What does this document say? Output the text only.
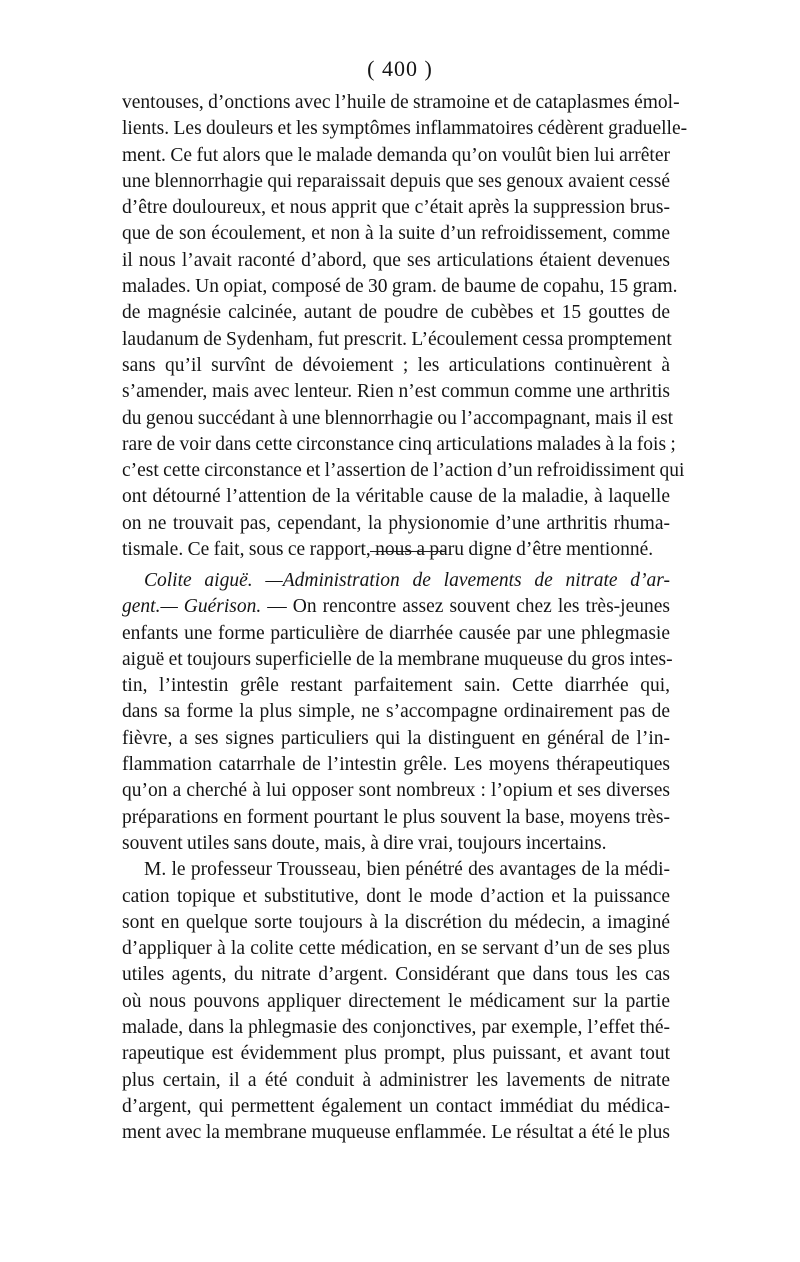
( 400 )
ventouses, d’onctions avec l’huile de stramoine et de cataplasmes émol-
lients. Les douleurs et les symptômes inflammatoires cédèrent graduelle-
ment. Ce fut alors que le malade demanda qu’on voulût bien lui arrêter
une blennorrhagie qui reparaissait depuis que ses genoux avaient cessé
d’être douloureux, et nous apprit que c’était après la suppression brus-
que de son écoulement, et non à la suite d’un refroidissement, comme
il nous l’avait raconté d’abord, que ses articulations étaient devenues
malades. Un opiat, composé de 30 gram. de baume de copahu, 15 gram.
de magnésie calcinée, autant de poudre de cubèbes et 15 gouttes de
laudanum de Sydenham, fut prescrit. L’écoulement cessa promptement
sans qu’il survînt de dévoiement ; les articulations continuèrent à
s’amender, mais avec lenteur. Rien n’est commun comme une arthritis
du genou succédant à une blennorrhagie ou l’accompagnant, mais il est
rare de voir dans cette circonstance cinq articulations malades à la fois ;
c’est cette circonstance et l’assertion de l’action d’un refroidissiment qui
ont détourné l’attention de la véritable cause de la maladie, à laquelle
on ne trouvait pas, cependant, la physionomie d’une arthritis rhuma-
tismale. Ce fait, sous ce rapport, nous a paru digne d’être mentionné.
Colite aiguë. —Administration de lavements de nitrate d’ar-
gent.— Guérison. — On rencontre assez souvent chez les très-jeunes
enfants une forme particulière de diarrhée causée par une phlegmasie
aiguë et toujours superficielle de la membrane muqueuse du gros intes-
tin, l’intestin grêle restant parfaitement sain. Cette diarrhée qui,
dans sa forme la plus simple, ne s’accompagne ordinairement pas de
fièvre, a ses signes particuliers qui la distinguent en général de l’in-
flammation catarrhale de l’intestin grêle. Les moyens thérapeutiques
qu’on a cherché à lui opposer sont nombreux : l’opium et ses diverses
préparations en forment pourtant le plus souvent la base, moyens très-
souvent utiles sans doute, mais, à dire vrai, toujours incertains.
M. le professeur Trousseau, bien pénétré des avantages de la médi-
cation topique et substitutive, dont le mode d’action et la puissance
sont en quelque sorte toujours à la discrétion du médecin, a imaginé
d’appliquer à la colite cette médication, en se servant d’un de ses plus
utiles agents, du nitrate d’argent. Considérant que dans tous les cas
où nous pouvons appliquer directement le médicament sur la partie
malade, dans la phlegmasie des conjonctives, par exemple, l’effet thé-
rapeutique est évidemment plus prompt, plus puissant, et avant tout
plus certain, il a été conduit à administrer les lavements de nitrate
d’argent, qui permettent également un contact immédiat du médica-
ment avec la membrane muqueuse enflammée. Le résultat a été le plus
